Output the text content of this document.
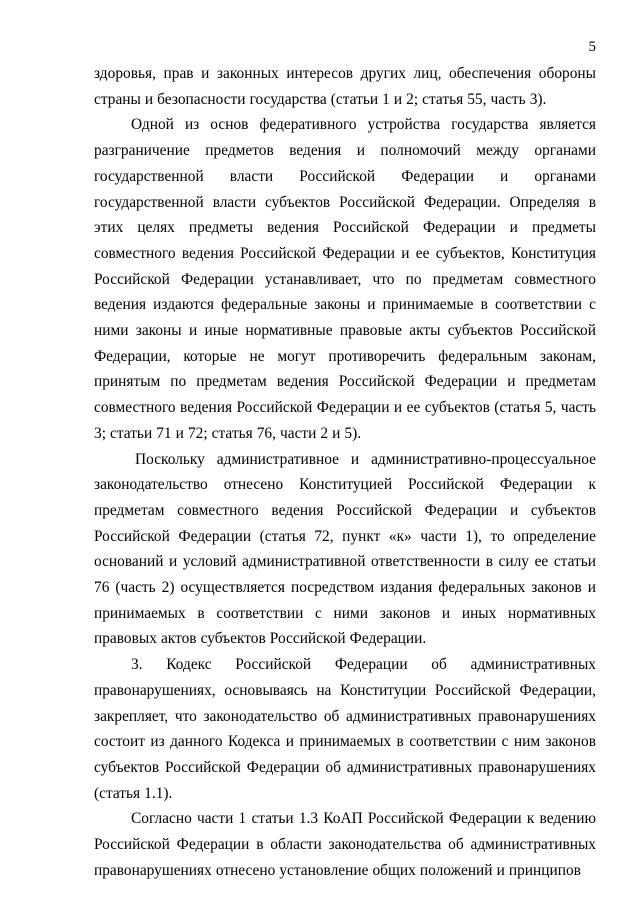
5

здоровья, прав и законных интересов других лиц, обеспечения обороны страны и безопасности государства (статьи 1 и 2; статья 55, часть 3).

Одной из основ федеративного устройства государства является разграничение предметов ведения и полномочий между органами государственной власти Российской Федерации и органами государственной власти субъектов Российской Федерации. Определяя в этих целях предметы ведения Российской Федерации и предметы совместного ведения Российской Федерации и ее субъектов, Конституция Российской Федерации устанавливает, что по предметам совместного ведения издаются федеральные законы и принимаемые в соответствии с ними законы и иные нормативные правовые акты субъектов Российской Федерации, которые не могут противоречить федеральным законам, принятым по предметам ведения Российской Федерации и предметам совместного ведения Российской Федерации и ее субъектов (статья 5, часть 3; статьи 71 и 72; статья 76, части 2 и 5).

Поскольку административное и административно-процессуальное законодательство отнесено Конституцией Российской Федерации к предметам совместного ведения Российской Федерации и субъектов Российской Федерации (статья 72, пункт «к» части 1), то определение оснований и условий административной ответственности в силу ее статьи 76 (часть 2) осуществляется посредством издания федеральных законов и принимаемых в соответствии с ними законов и иных нормативных правовых актов субъектов Российской Федерации.

3. Кодекс Российской Федерации об административных правонарушениях, основываясь на Конституции Российской Федерации, закрепляет, что законодательство об административных правонарушениях состоит из данного Кодекса и принимаемых в соответствии с ним законов субъектов Российской Федерации об административных правонарушениях (статья 1.1).

Согласно части 1 статьи 1.3 КоАП Российской Федерации к ведению Российской Федерации в области законодательства об административных правонарушениях отнесено установление общих положений и принципов
